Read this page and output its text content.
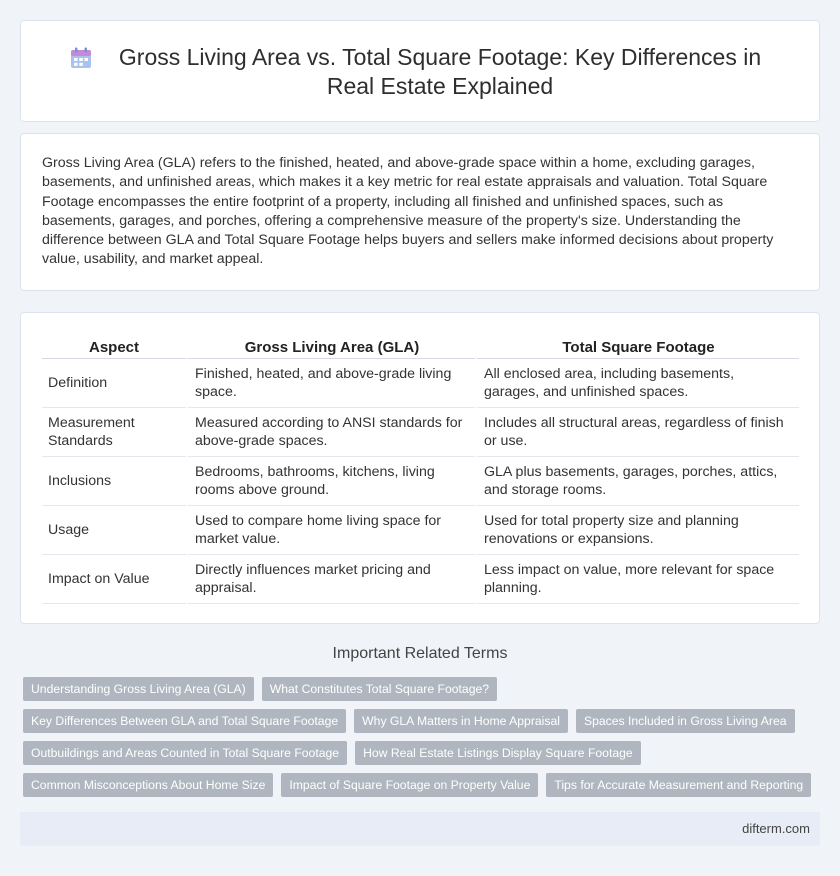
Gross Living Area vs. Total Square Footage: Key Differences in Real Estate Explained

Gross Living Area (GLA) refers to the finished, heated, and above-grade space within a home, excluding garages, basements, and unfinished areas, which makes it a key metric for real estate appraisals and valuation. Total Square Footage encompasses the entire footprint of a property, including all finished and unfinished spaces, such as basements, garages, and porches, offering a comprehensive measure of the property's size. Understanding the difference between GLA and Total Square Footage helps buyers and sellers make informed decisions about property value, usability, and market appeal.

Aspect	Gross Living Area (GLA)	Total Square Footage
Definition	Finished, heated, and above-grade living space.	All enclosed area, including basements, garages, and unfinished spaces.
Measurement Standards	Measured according to ANSI standards for above-grade spaces.	Includes all structural areas, regardless of finish or use.
Inclusions	Bedrooms, bathrooms, kitchens, living rooms above ground.	GLA plus basements, garages, porches, attics, and storage rooms.
Usage	Used to compare home living space for market value.	Used for total property size and planning renovations or expansions.
Impact on Value	Directly influences market pricing and appraisal.	Less impact on value, more relevant for space planning.
Important Related Terms
Understanding Gross Living Area (GLA)	What Constitutes Total Square Footage?
Key Differences Between GLA and Total Square Footage	Why GLA Matters in Home Appraisal	Spaces Included in Gross Living Area
Outbuildings and Areas Counted in Total Square Footage	How Real Estate Listings Display Square Footage
Common Misconceptions About Home Size	Impact of Square Footage on Property Value	Tips for Accurate Measurement and Reporting
difterm.com
